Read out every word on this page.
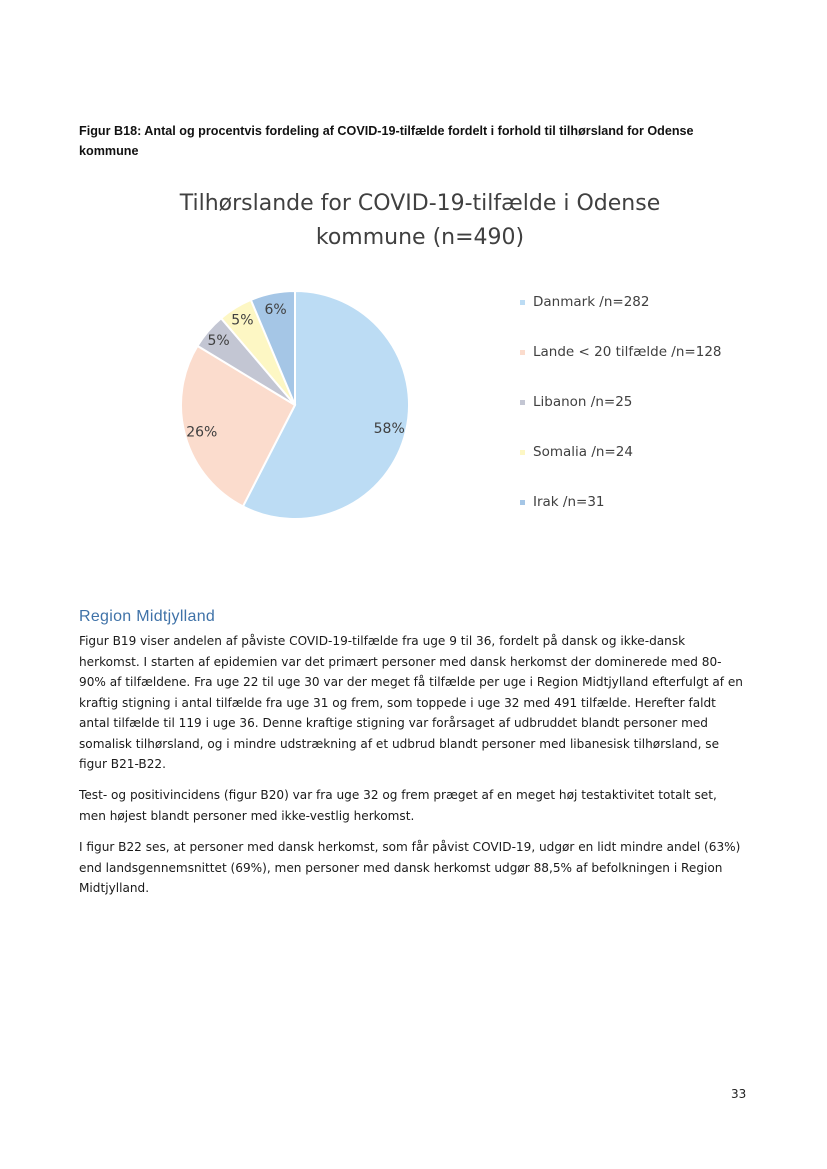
Figur B18: Antal og procentvis fordeling af COVID-19-tilfælde fordelt i forhold til tilhørsland for Odense kommune
Tilhørslande for COVID-19-tilfælde i Odense
kommune (n=490)
58%
26%
5%
5%
6%	Danmark /n=282
Lande < 20 tilfælde /n=128
Libanon /n=25
Somalia /n=24
Irak /n=31
Region Midtjylland

Figur B19 viser andelen af påviste COVID-19-tilfælde fra uge 9 til 36, fordelt på dansk og ikke-dansk herkomst. I starten af epidemien var det primært personer med dansk herkomst der dominerede med 80-90% af tilfældene. Fra uge 22 til uge 30 var der meget få tilfælde per uge i Region Midtjylland efterfulgt af en kraftig stigning i antal tilfælde fra uge 31 og frem, som toppede i uge 32 med 491 tilfælde. Herefter faldt antal tilfælde til 119 i uge 36. Denne kraftige stigning var forårsaget af udbruddet blandt personer med somalisk tilhørsland, og i mindre udstrækning af et udbrud blandt personer med libanesisk tilhørsland, se figur B21-B22.

Test- og positivincidens (figur B20) var fra uge 32 og frem præget af en meget høj testaktivitet totalt set, men højest blandt personer med ikke-vestlig herkomst.

I figur B22 ses, at personer med dansk herkomst, som får påvist COVID-19, udgør en lidt mindre andel (63%) end landsgennemsnittet (69%), men personer med dansk herkomst udgør 88,5% af befolkningen i Region Midtjylland.

33
